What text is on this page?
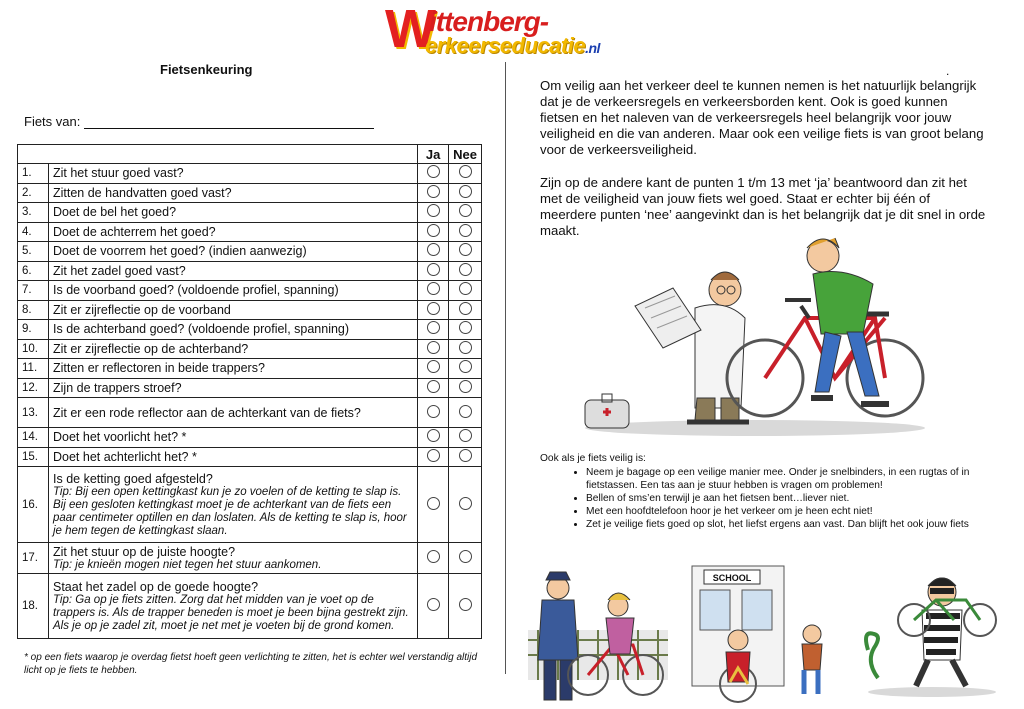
W
ittenberg-
erkeerseducatie.nl
Fietsenkeuring
Fiets van:
		Ja	Nee
1.	Zit het stuur goed vast?		
2.	Zitten de handvatten goed vast?		
3.	Doet de bel het goed?		
4.	Doet de achterrem het goed?		
5.	Doet de voorrem het goed? (indien aanwezig)		
6.	Zit het zadel goed vast?		
7.	Is de voorband goed? (voldoende profiel, spanning)		
8.	Zit er zijreflectie op de voorband		
9.	Is de achterband goed? (voldoende profiel, spanning)		
10.	Zit er zijreflectie op de achterband?		
11.	Zitten er reflectoren in beide trappers?		
12.	Zijn de trappers stroef?		
13.	Zit er een rode reflector aan de achterkant van de fiets?		
14.	Doet het voorlicht het? *		
15.	Doet het achterlicht het? *		
16.	Is de ketting goed afgesteld?
Tip: Bij een open kettingkast kun je zo voelen of de ketting te slap is. Bij een gesloten kettingkast moet je de achterkant van de fiets een paar centimeter optillen en dan loslaten. Als de ketting te slap is, hoor je hem tegen de kettingkast slaan.		

17.	Zit het stuur op de juiste hoogte?
Tip: je knieën mogen niet tegen het stuur aankomen.		

18.	Staat het zadel op de goede hoogte?
Tip: Ga op je fiets zitten. Zorg dat het midden van je voet op de trappers is. Als de trapper beneden is moet je been bijna gestrekt zijn. Als je op je zadel zit, moet je net met je voeten bij de grond komen.		

* op een fiets waarop je overdag fietst hoeft geen verlichting te zitten, het is echter wel verstandig altijd licht op je fiets te hebben.
.

Om veilig aan het verkeer deel te kunnen nemen is het natuurlijk belangrijk dat je de verkeersregels en verkeersborden kent. Ook is goed kunnen fietsen en het naleven van de verkeersregels heel belangrijk voor jouw veiligheid en die van anderen. Maar ook een veilige fiets is van groot belang voor de verkeersveiligheid.

Zijn op de andere kant de punten 1 t/m 13 met ‘ja’ beantwoord dan zit het met de veiligheid van jouw fiets wel goed. Staat er echter bij één of meerdere punten ‘nee’ aangevinkt dan is het belangrijk dat je dit snel in orde maakt.

Ook als je fiets veilig is:
• Neem je bagage op een veilige manier mee. Onder je snelbinders, in een rugtas of in fietstassen. Een tas aan je stuur hebben is vragen om problemen!
• Bellen of sms’en terwijl je aan het fietsen bent…liever niet.
• Met een hoofdtelefoon hoor je het verkeer om je heen echt niet!
• Zet je veilige fiets goed op slot, het liefst ergens aan vast. Dan blijft het ook jouw fiets
SCHOOL
